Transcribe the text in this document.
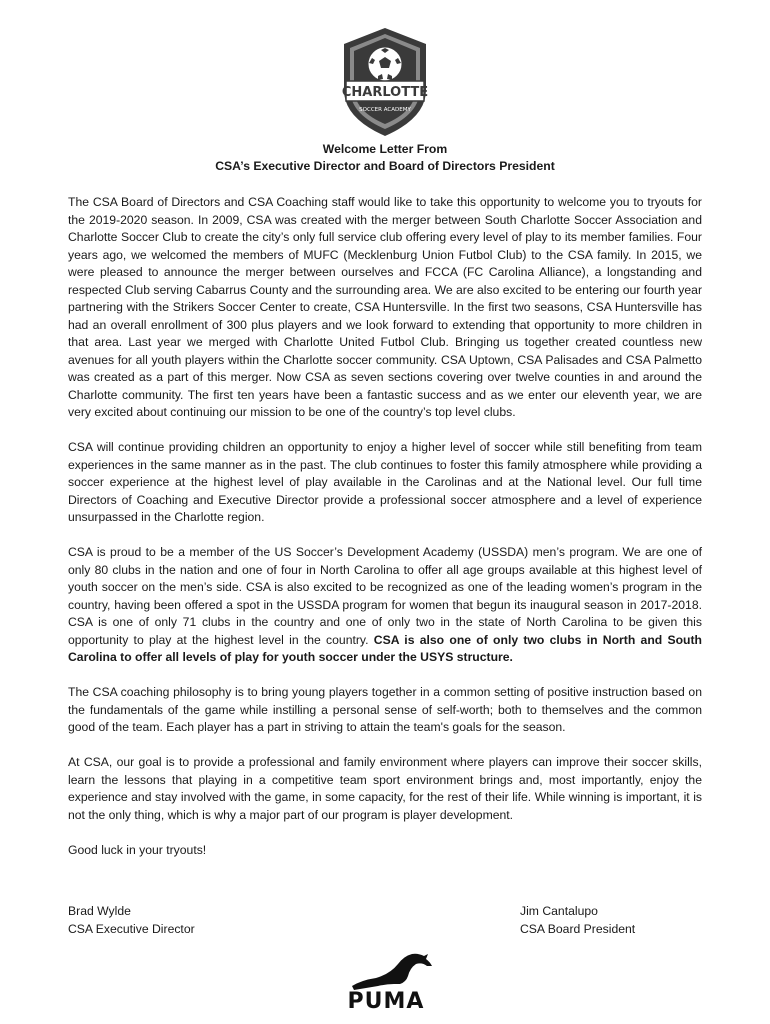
CHARLOTTE
SOCCER ACADEMY
Welcome Letter From
CSA’s Executive Director and Board of Directors President

The CSA Board of Directors and CSA Coaching staff would like to take this opportunity to welcome you to tryouts for the 2019-2020 season. In 2009, CSA was created with the merger between South Charlotte Soccer Association and Charlotte Soccer Club to create the city’s only full service club offering every level of play to its member families. Four years ago, we welcomed the members of MUFC (Mecklenburg Union Futbol Club) to the CSA family. In 2015, we were pleased to announce the merger between ourselves and FCCA (FC Carolina Alliance), a longstanding and respected Club serving Cabarrus County and the surrounding area. We are also excited to be entering our fourth year partnering with the Strikers Soccer Center to create, CSA Huntersville. In the first two seasons, CSA Huntersville has had an overall enrollment of 300 plus players and we look forward to extending that opportunity to more children in that area. Last year we merged with Charlotte United Futbol Club. Bringing us together created countless new avenues for all youth players within the Charlotte soccer community. CSA Uptown, CSA Palisades and CSA Palmetto was created as a part of this merger. Now CSA as seven sections covering over twelve counties in and around the Charlotte community. The first ten years have been a fantastic success and as we enter our eleventh year, we are very excited about continuing our mission to be one of the country’s top level clubs.

CSA will continue providing children an opportunity to enjoy a higher level of soccer while still benefiting from team experiences in the same manner as in the past. The club continues to foster this family atmosphere while providing a soccer experience at the highest level of play available in the Carolinas and at the National level. Our full time Directors of Coaching and Executive Director provide a professional soccer atmosphere and a level of experience unsurpassed in the Charlotte region.

CSA is proud to be a member of the US Soccer’s Development Academy (USSDA) men’s program. We are one of only 80 clubs in the nation and one of four in North Carolina to offer all age groups available at this highest level of youth soccer on the men’s side. CSA is also excited to be recognized as one of the leading women’s program in the country, having been offered a spot in the USSDA program for women that begun its inaugural season in 2017-2018. CSA is one of only 71 clubs in the country and one of only two in the state of North Carolina to be given this opportunity to play at the highest level in the country. CSA is also one of only two clubs in North and South Carolina to offer all levels of play for youth soccer under the USYS structure.

The CSA coaching philosophy is to bring young players together in a common setting of positive instruction based on the fundamentals of the game while instilling a personal sense of self-worth; both to themselves and the common good of the team. Each player has a part in striving to attain the team's goals for the season.

At CSA, our goal is to provide a professional and family environment where players can improve their soccer skills, learn the lessons that playing in a competitive team sport environment brings and, most importantly, enjoy the experience and stay involved with the game, in some capacity, for the rest of their life. While winning is important, it is not the only thing, which is why a major part of our program is player development.

Good luck in your tryouts!

Brad Wylde
CSA Executive Director
Jim Cantalupo
CSA Board President
PUMA
